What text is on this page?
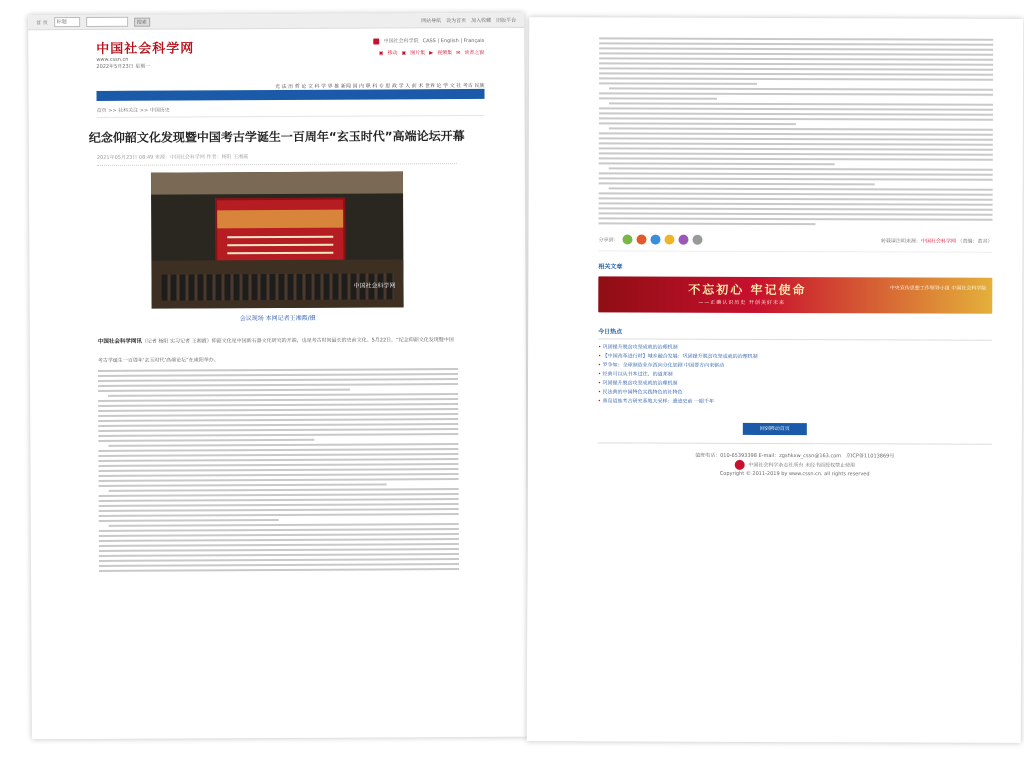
首 页	标题	搜索	网站导航 设为首页 加入收藏 旧版平台
中国社会科学网
www.cssn.cn
2022年5月23日 星期一
中国社会科学院 CASS | English | Français
▣ 移动 ▣ 图片集 ▶ 视频集 ✉ 读者之窗
光 法 历 哲 论 文 科 学 界 推 新闻 国 内 职 科 专 思 政 学 人 前 术 世界 论 学 文 社 考古 民族
首页 >> 社科关注 >> 中国历史
纪念仰韶文化发现暨中国考古学诞生一百周年“玄玉时代”高端论坛开幕
2021年05月23日 08:49 来源：中国社会科学网 作者：杨阳 王湘霞
中国社会科学网
会议现场 本网记者王湘霞/摄
中国社会科学网讯（记者 杨阳 实习记者 王湘霞）仰韶文化是中国新石器文化研究的开端，也是考古时间最长的史前文化。5月22日，“纪念仰韶文化发现暨中国考古学诞生一百周年‘玄玉时代’高端论坛”在咸阳举办。
分享到：	转载请注明来源：中国社会科学网 （责编：黄谷）
相关文章
不忘初心 牢记使命
——正确认识历史 开创美好未来
中央宣传思想工作领导小组 中国社会科学院
今日热点
• 巩固提升脱贫攻坚成就的治理机制
• 【中国改革进行时】城乡融合发展：巩固提升脱贫攻坚成就的治理机制
• 罗争如：全球制造业东西向分化加剧 中国要方向来驱动
• 经典可以从书本过往、的道邦制
• 巩固提升脱贫攻坚成就的治理机制
• 民法典的中国特色实践特色的社特色
• 南岛语族考古研究基地大采样：遗迹史前 一眼千年
回到移动首页
值班电话：010-65393398 E-mail：zgshkxw_cssn@163.com 京ICP备11013869号
中国社会科学杂志社所有 未经书面授权禁止使用
Copyright © 2011-2019 by www.cssn.cn. all rights reserved
